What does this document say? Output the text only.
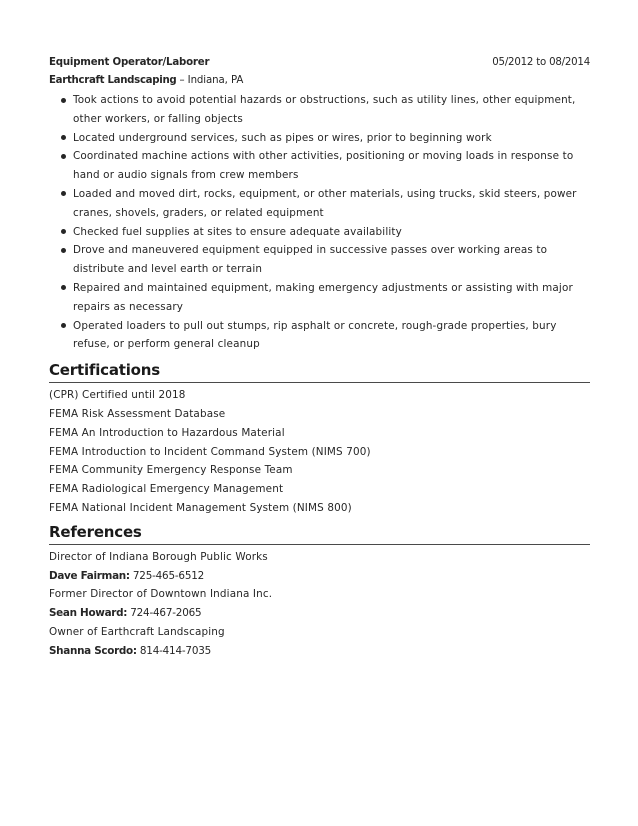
Equipment Operator/Laborer	05/2012 to 08/2014
Earthcraft Landscaping – Indiana, PA
Took actions to avoid potential hazards or obstructions, such as utility lines, other equipment, other workers, or falling objects
Located underground services, such as pipes or wires, prior to beginning work
Coordinated machine actions with other activities, positioning or moving loads in response to hand or audio signals from crew members
Loaded and moved dirt, rocks, equipment, or other materials, using trucks, skid steers, power cranes, shovels, graders, or related equipment
Checked fuel supplies at sites to ensure adequate availability
Drove and maneuvered equipment equipped in successive passes over working areas to distribute and level earth or terrain
Repaired and maintained equipment, making emergency adjustments or assisting with major repairs as necessary
Operated loaders to pull out stumps, rip asphalt or concrete, rough-grade properties, bury refuse, or perform general cleanup
Certifications
(CPR) Certified until 2018
FEMA Risk Assessment Database
FEMA An Introduction to Hazardous Material
FEMA Introduction to Incident Command System (NIMS 700)
FEMA Community Emergency Response Team
FEMA Radiological Emergency Management
FEMA National Incident Management System (NIMS 800)
References
Director of Indiana Borough Public Works
Dave Fairman: 725-465-6512
Former Director of Downtown Indiana Inc.
Sean Howard: 724-467-2065
Owner of Earthcraft Landscaping
Shanna Scordo: 814-414-7035
